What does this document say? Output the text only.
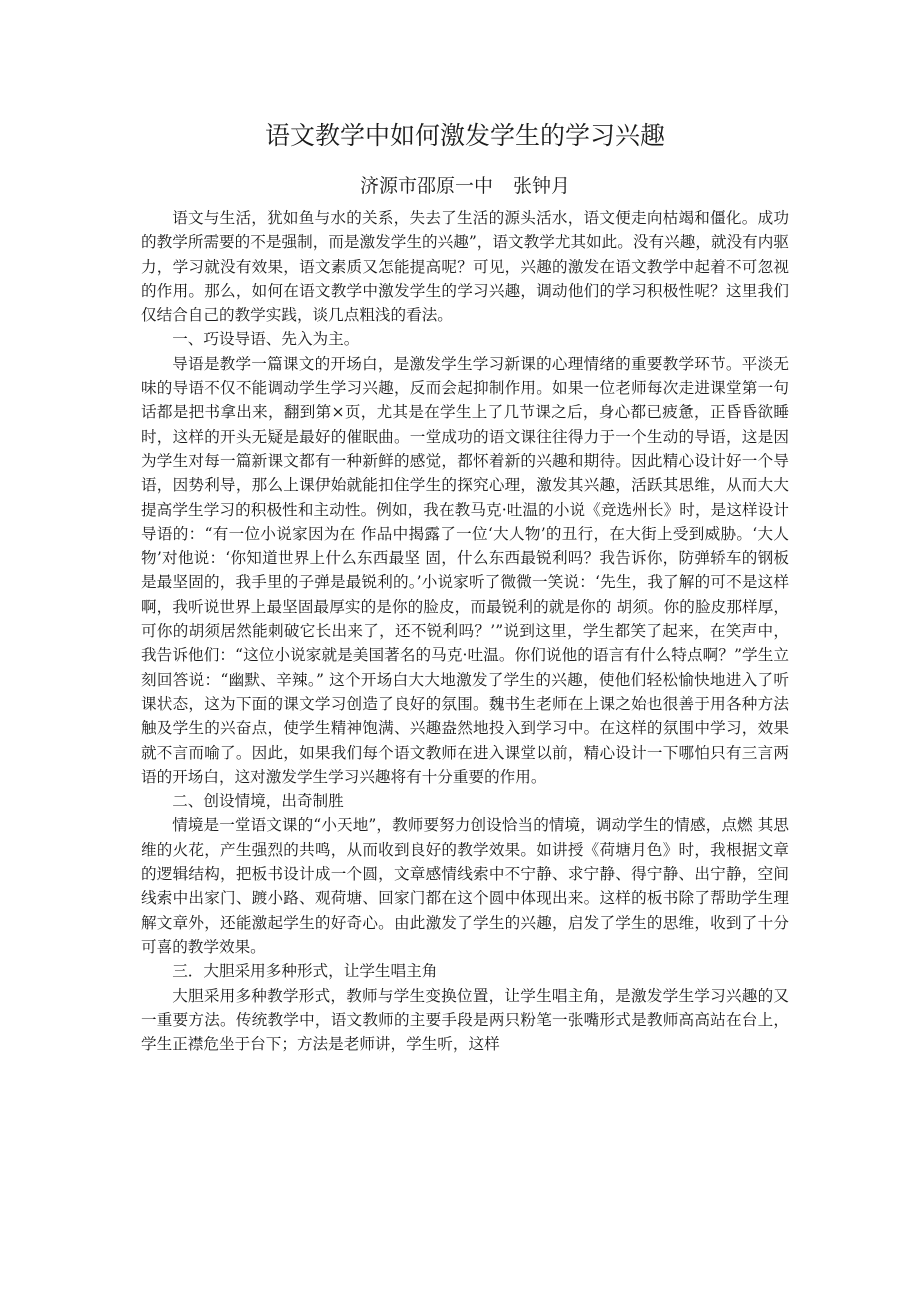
语文教学中如何激发学生的学习兴趣
济源市邵原一中 张钟月

语文与生活，犹如鱼与水的关系，失去了生活的源头活水，语文便走向枯竭和僵化。成功的教学所需要的不是强制，而是激发学生的兴趣”，语文教学尤其如此。没有兴趣，就没有内驱力，学习就没有效果，语文素质又怎能提高呢？可见，兴趣的激发在语文教学中起着不可忽视的作用。那么，如何在语文教学中激发学生的学习兴趣，调动他们的学习积极性呢？这里我们仅结合自己的教学实践，谈几点粗浅的看法。

一、巧设导语、先入为主。

导语是教学一篇课文的开场白，是激发学生学习新课的心理情绪的重要教学环节。平淡无味的导语不仅不能调动学生学习兴趣，反而会起抑制作用。如果一位老师每次走进课堂第一句话都是把书拿出来，翻到第×页，尤其是在学生上了几节课之后，身心都已疲惫，正昏昏欲睡时，这样的开头无疑是最好的催眠曲。一堂成功的语文课往往得力于一个生动的导语，这是因为学生对每一篇新课文都有一种新鲜的感觉，都怀着新的兴趣和期待。因此精心设计好一个导语，因势利导，那么上课伊始就能扣住学生的探究心理，激发其兴趣，活跃其思维，从而大大提高学生学习的积极性和主动性。例如，我在教马克·吐温的小说《竞选州长》时，是这样设计导语的：“有一位小说家因为在 作品中揭露了一位‘大人物’的丑行，在大街上受到威胁。‘大人物’对他说：‘你知道世界上什么东西最坚 固，什么东西最锐利吗？我告诉你，防弹轿车的钢板是最坚固的，我手里的子弹是最锐利的。’小说家听了微微一笑说：‘先生，我了解的可不是这样啊，我听说世界上最坚固最厚实的是你的脸皮，而最锐利的就是你的 胡须。你的脸皮那样厚，可你的胡须居然能刺破它长出来了，还不锐利吗？’”说到这里，学生都笑了起来，在笑声中，我告诉他们：“这位小说家就是美国著名的马克·吐温。你们说他的语言有什么特点啊？”学生立 刻回答说：“幽默、辛辣。” 这个开场白大大地激发了学生的兴趣，使他们轻松愉快地进入了听课状态，这为下面的课文学习创造了良好的氛围。魏书生老师在上课之始也很善于用各种方法触及学生的兴奋点，使学生精神饱满、兴趣盎然地投入到学习中。在这样的氛围中学习，效果就不言而喻了。因此，如果我们每个语文教师在进入课堂以前，精心设计一下哪怕只有三言两语的开场白，这对激发学生学习兴趣将有十分重要的作用。

二、创设情境，出奇制胜

情境是一堂语文课的“小天地”，教师要努力创设恰当的情境，调动学生的情感，点燃 其思维的火花，产生强烈的共鸣，从而收到良好的教学效果。如讲授《荷塘月色》时，我根据文章的逻辑结构，把板书设计成一个圆，文章感情线索中不宁静、求宁静、得宁静、出宁静，空间线索中出家门、踱小路、观荷塘、回家门都在这个圆中体现出来。这样的板书除了帮助学生理解文章外，还能激起学生的好奇心。由此激发了学生的兴趣，启发了学生的思维，收到了十分可喜的教学效果。

三．大胆采用多种形式，让学生唱主角

大胆采用多种教学形式，教师与学生变换位置，让学生唱主角，是激发学生学习兴趣的又一重要方法。传统教学中，语文教师的主要手段是两只粉笔一张嘴形式是教师高高站在台上，学生正襟危坐于台下；方法是老师讲，学生听，这样
